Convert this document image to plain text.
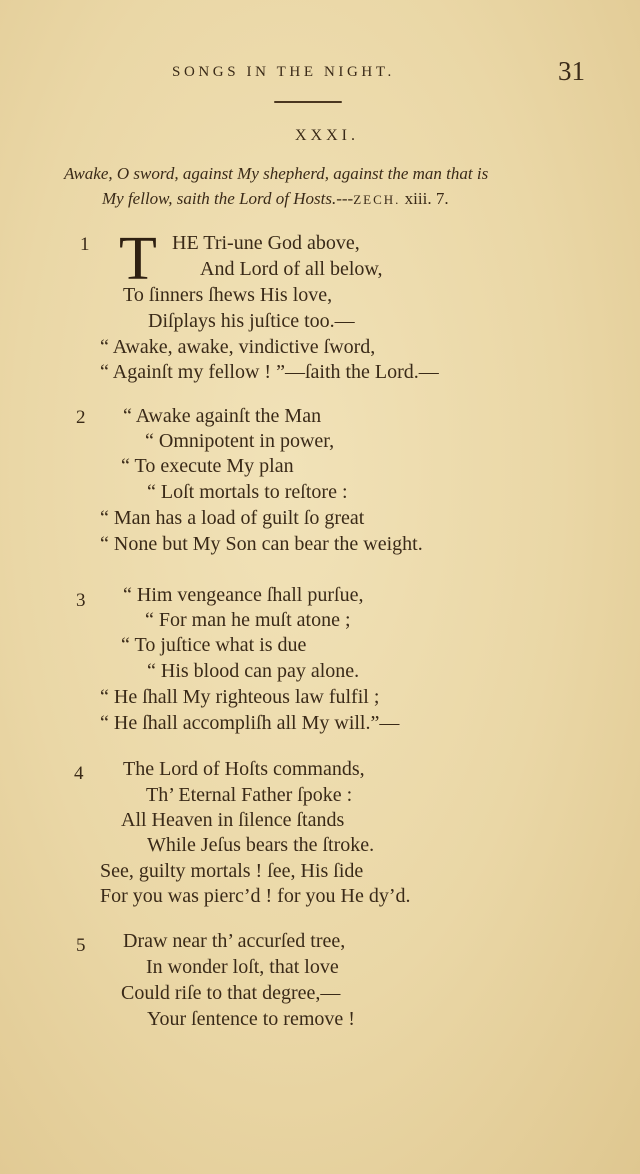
SONGS IN THE NIGHT.	31
XXXI.
Awake, O sword, against My shepherd, against the man that is
My fellow, saith the Lord of Hosts.---ZECH. xiii. 7.
1 T HE Tri-une God above,
And Lord of all below,
To ſinners ſhews His love,
Diſplays his juſtice too.—
“ Awake, awake, vindictive ſword,
“ Againſt my fellow ! ”—ſaith the Lord.—
2 “ Awake againſt the Man
“ Omnipotent in power,
“ To execute My plan
“ Loſt mortals to reſtore :
“ Man has a load of guilt ſo great
“ None but My Son can bear the weight.
3 “ Him vengeance ſhall purſue,
“ For man he muſt atone ;
“ To juſtice what is due
“ His blood can pay alone.
“ He ſhall My righteous law fulfil ;
“ He ſhall accompliſh all My will.”—
4 The Lord of Hoſts commands,
Th’ Eternal Father ſpoke :
All Heaven in ſilence ſtands
While Jeſus bears the ſtroke.
See, guilty mortals ! ſee, His ſide
For you was pierc’d ! for you He dy’d.
5 Draw near th’ accurſed tree,
In wonder loſt, that love
Could riſe to that degree,—
Your ſentence to remove !
